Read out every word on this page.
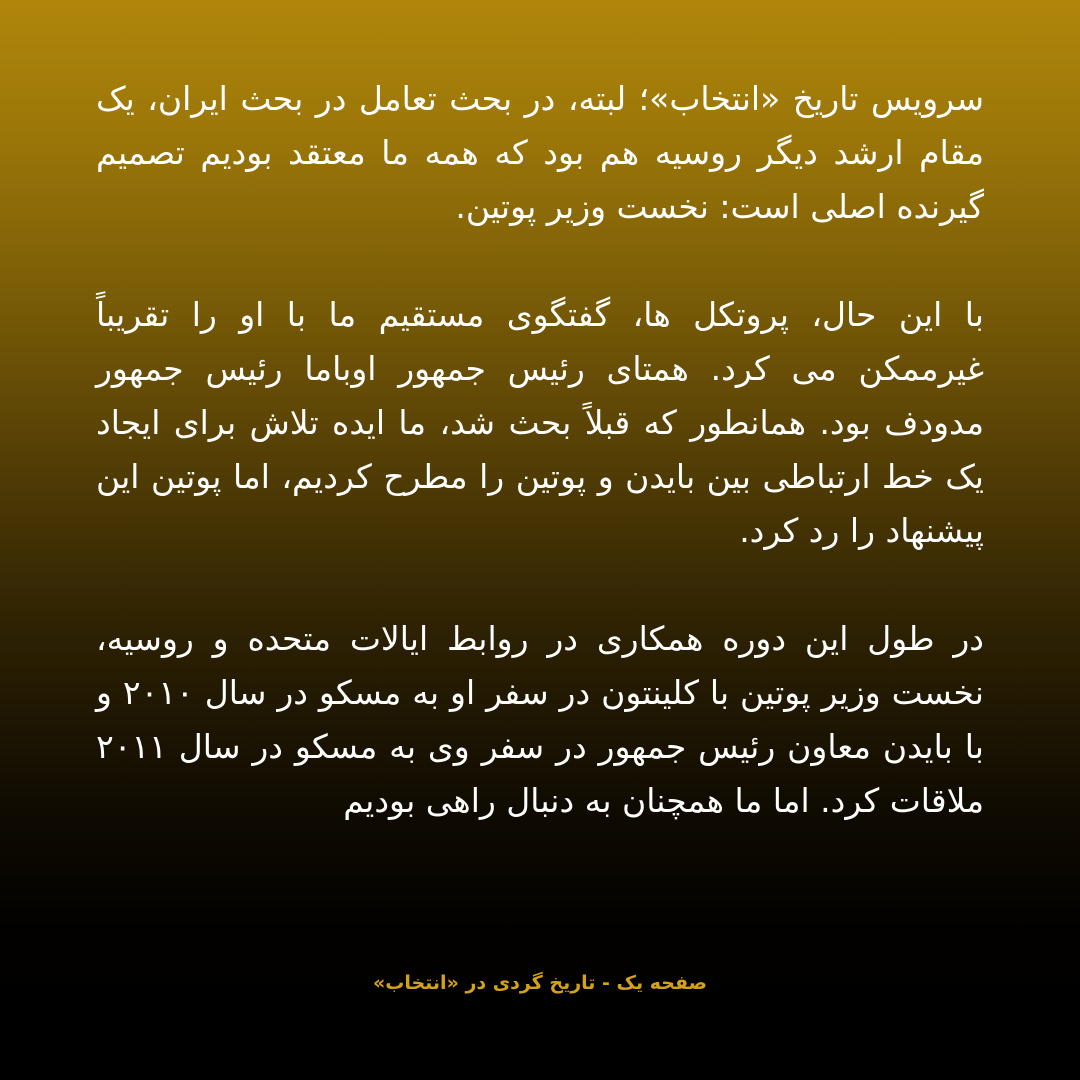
سرویس تاریخ «انتخاب»؛ لبته، در بحث تعامل در بحث ایران، یک مقام ارشد دیگر روسیه هم بود که همه ما معتقد بودیم تصمیم گیرنده اصلی است: نخست وزیر پوتین.

با این حال، پروتکل ها، گفتگوی مستقیم ما با او را تقریباً غیرممکن می کرد. همتای رئیس جمهور اوباما رئیس جمهور مدودف بود. همانطور که قبلاً بحث شد، ما ایده تلاش برای ایجاد یک خط ارتباطی بین بایدن و پوتین را مطرح کردیم، اما پوتین این پیشنهاد را رد کرد.

در طول این دوره همکاری در روابط ایالات متحده و روسیه، نخست وزیر پوتین با کلینتون در سفر او به مسکو در سال ۲۰۱۰ و با بایدن معاون رئیس جمهور در سفر وی به مسکو در سال ۲۰۱۱ ملاقات کرد. اما ما همچنان به دنبال راهی بودیم

صفحه یک - تاریخ گردی در «انتخاب»
